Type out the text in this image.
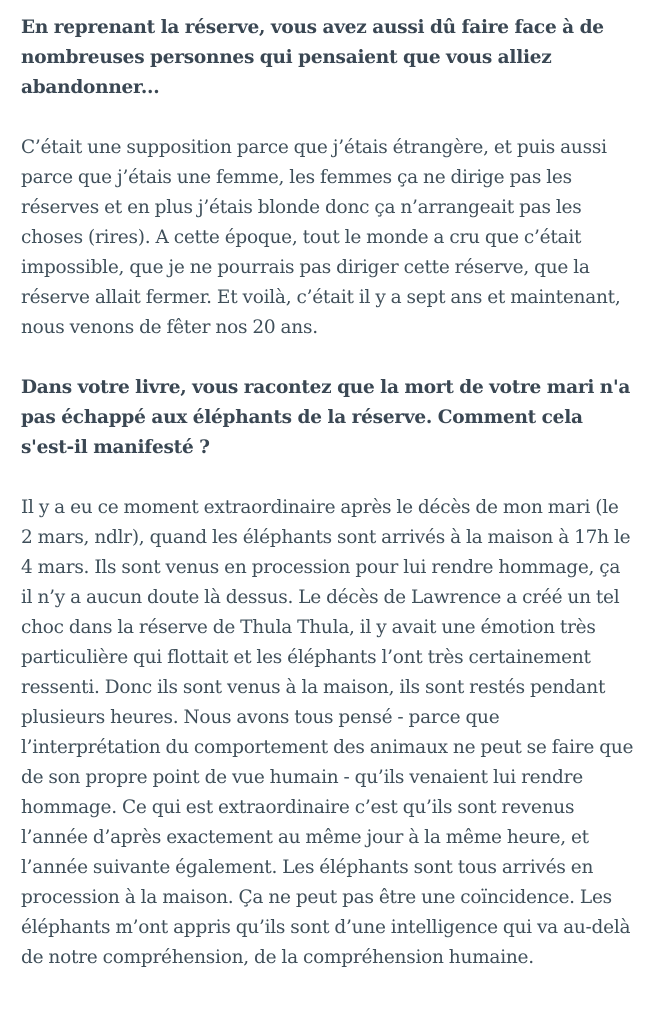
En reprenant la réserve, vous avez aussi dû faire face à de nombreuses personnes qui pensaient que vous alliez abandonner...

C’était une supposition parce que j’étais étrangère, et puis aussi parce que j’étais une femme, les femmes ça ne dirige pas les réserves et en plus j’étais blonde donc ça n’arrangeait pas les choses (rires). A cette époque, tout le monde a cru que c’était impossible, que je ne pourrais pas diriger cette réserve, que la réserve allait fermer. Et voilà, c’était il y a sept ans et maintenant, nous venons de fêter nos 20 ans.

Dans votre livre, vous racontez que la mort de votre mari n'a pas échappé aux éléphants de la réserve. Comment cela s'est-il manifesté ?

Il y a eu ce moment extraordinaire après le décès de mon mari (le 2 mars, ndlr), quand les éléphants sont arrivés à la maison à 17h le 4 mars. Ils sont venus en procession pour lui rendre hommage, ça il n’y a aucun doute là dessus. Le décès de Lawrence a créé un tel choc dans la réserve de Thula Thula, il y avait une émotion très particulière qui flottait et les éléphants l’ont très certainement ressenti. Donc ils sont venus à la maison, ils sont restés pendant plusieurs heures. Nous avons tous pensé - parce que l’interprétation du comportement des animaux ne peut se faire que de son propre point de vue humain - qu’ils venaient lui rendre hommage. Ce qui est extraordinaire c’est qu’ils sont revenus l’année d’après exactement au même jour à la même heure, et l’année suivante également. Les éléphants sont tous arrivés en procession à la maison. Ça ne peut pas être une coïncidence. Les éléphants m’ont appris qu’ils sont d’une intelligence qui va au-delà de notre compréhension, de la compréhension humaine.
